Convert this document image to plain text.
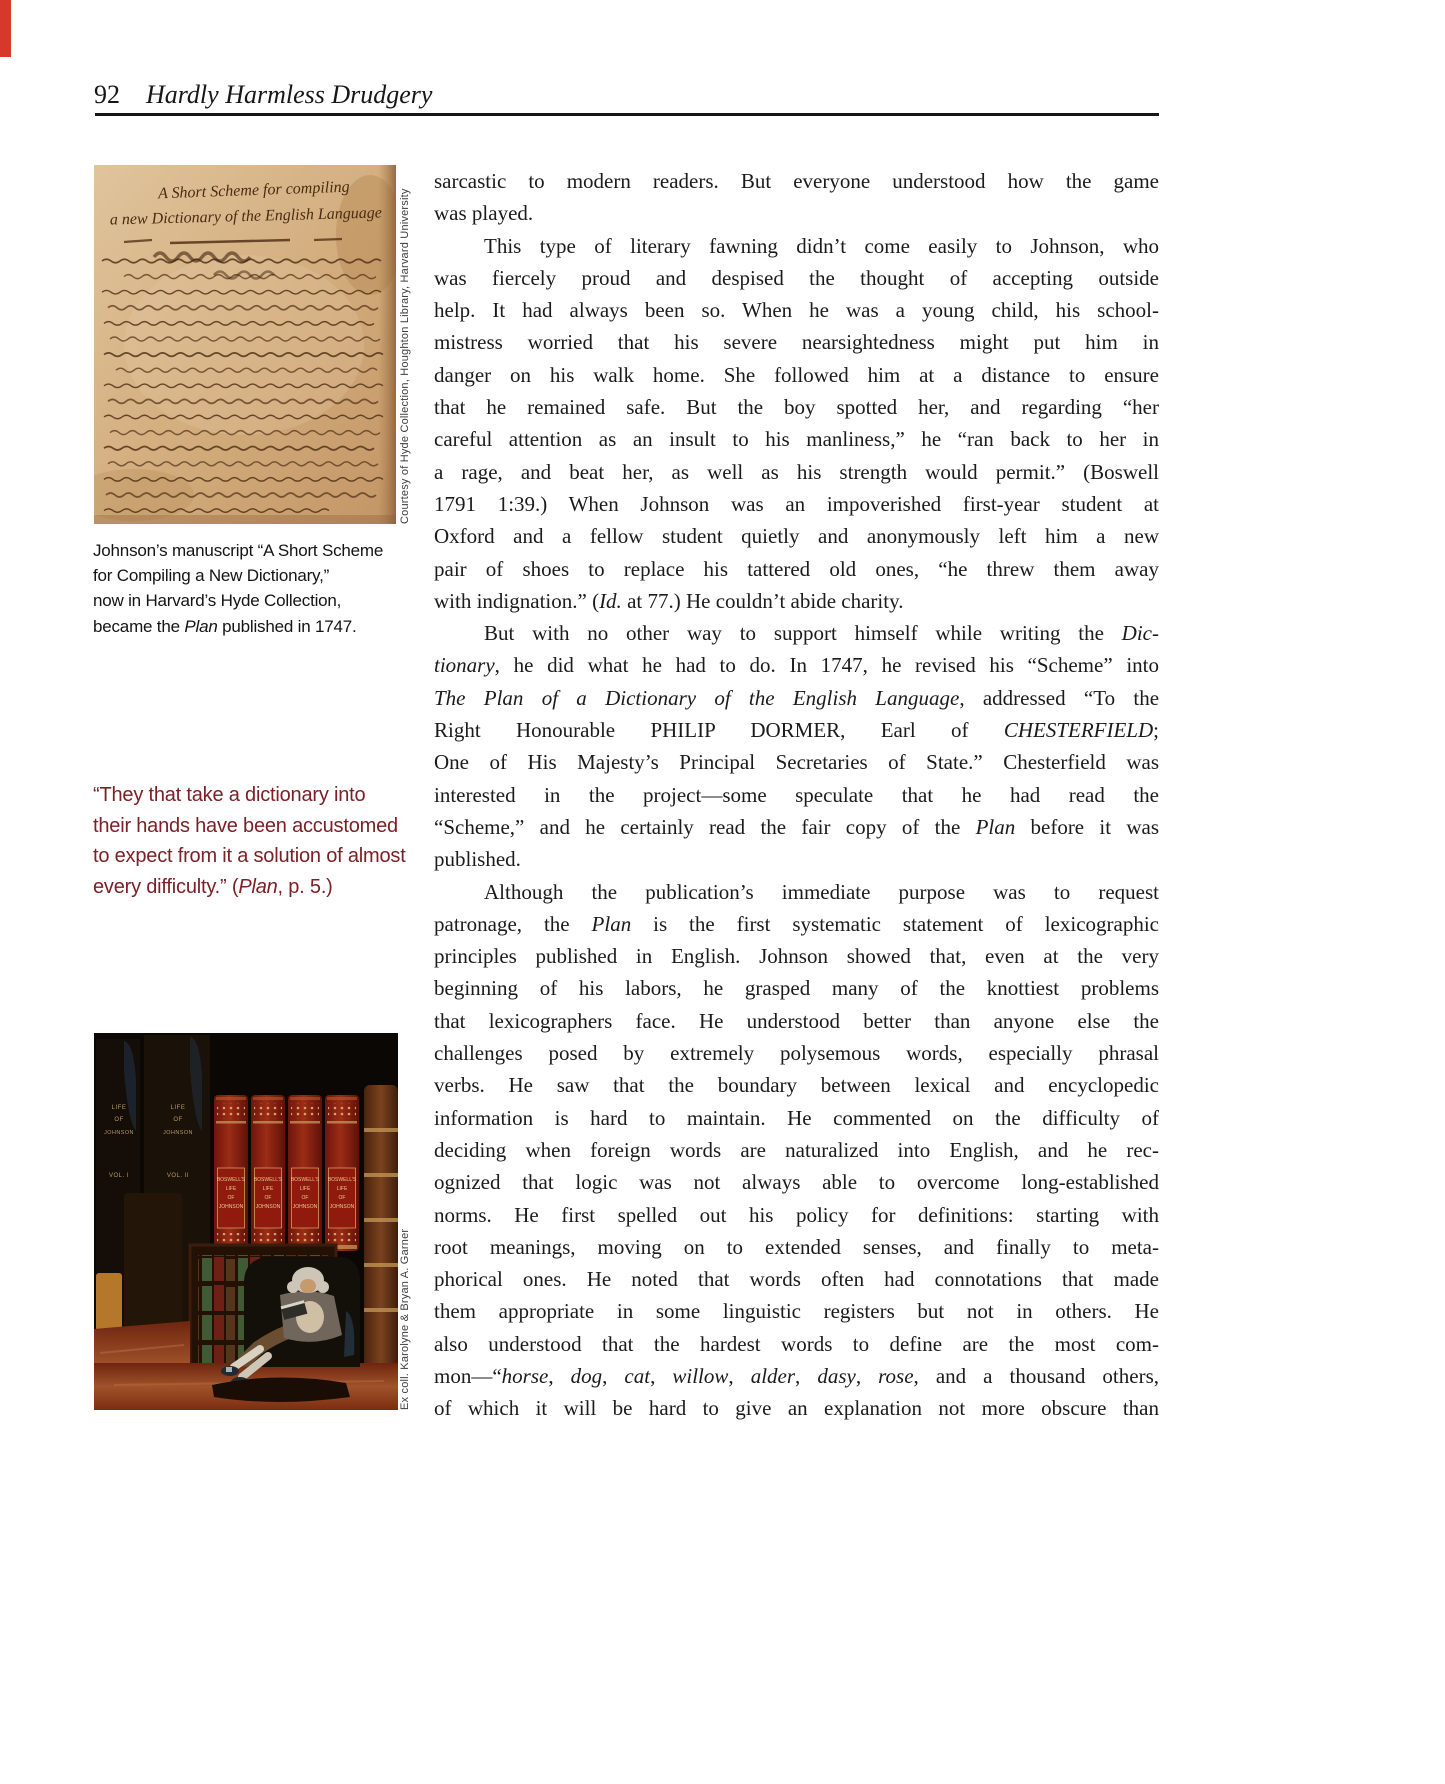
92 Hardly Harmless Drudgery
A Short Scheme for compiling
a new Dictionary of the English Language Courtesy of Hyde Collection, Houghton Library, Harvard University
Johnson’s manuscript “A Short Scheme
for Compiling a New Dictionary,”
now in Harvard’s Hyde Collection,
became the Plan published in 1747.
“They that take a dictionary into
their hands have been accustomed
to expect from it a solution of almost
every difficulty.” (Plan, p. 5.)
LIFE
OF
JOHNSON
VOL. I
LIFE
OF
JOHNSON
VOL. II
Ex coll. Karolyne & Bryan A. Garner
sarcastic to modern readers. But everyone understood how the game
was played.
This type of literary fawning didn’t come easily to Johnson, who
was fiercely proud and despised the thought of accepting outside
help. It had always been so. When he was a young child, his school-
mistress worried that his severe nearsightedness might put him in
danger on his walk home. She followed him at a distance to ensure
that he remained safe. But the boy spotted her, and regarding “her
careful attention as an insult to his manliness,” he “ran back to her in
a rage, and beat her, as well as his strength would permit.” (Boswell
1791 1:39.) When Johnson was an impoverished first-year student at
Oxford and a fellow student quietly and anonymously left him a new
pair of shoes to replace his tattered old ones, “he threw them away
with indignation.” (Id. at 77.) He couldn’t abide charity.
But with no other way to support himself while writing the Dic-
tionary, he did what he had to do. In 1747, he revised his “Scheme” into
The Plan of a Dictionary of the English Language, addressed “To the
Right Honourable PHILIP DORMER, Earl of CHESTERFIELD;
One of His Majesty’s Principal Secretaries of State.” Chesterfield was
interested in the project—some speculate that he had read the
“Scheme,” and he certainly read the fair copy of the Plan before it was
published.
Although the publication’s immediate purpose was to request
patronage, the Plan is the first systematic statement of lexicographic
principles published in English. Johnson showed that, even at the very
beginning of his labors, he grasped many of the knottiest problems
that lexicographers face. He understood better than anyone else the
challenges posed by extremely polysemous words, especially phrasal
verbs. He saw that the boundary between lexical and encyclopedic
information is hard to maintain. He commented on the difficulty of
deciding when foreign words are naturalized into English, and he rec-
ognized that logic was not always able to overcome long-established
norms. He first spelled out his policy for definitions: starting with
root meanings, moving on to extended senses, and finally to meta-
phorical ones. He noted that words often had connotations that made
them appropriate in some linguistic registers but not in others. He
also understood that the hardest words to define are the most com-
mon—“horse, dog, cat, willow, alder, dasy, rose, and a thousand others,
of which it will be hard to give an explanation not more obscure than
